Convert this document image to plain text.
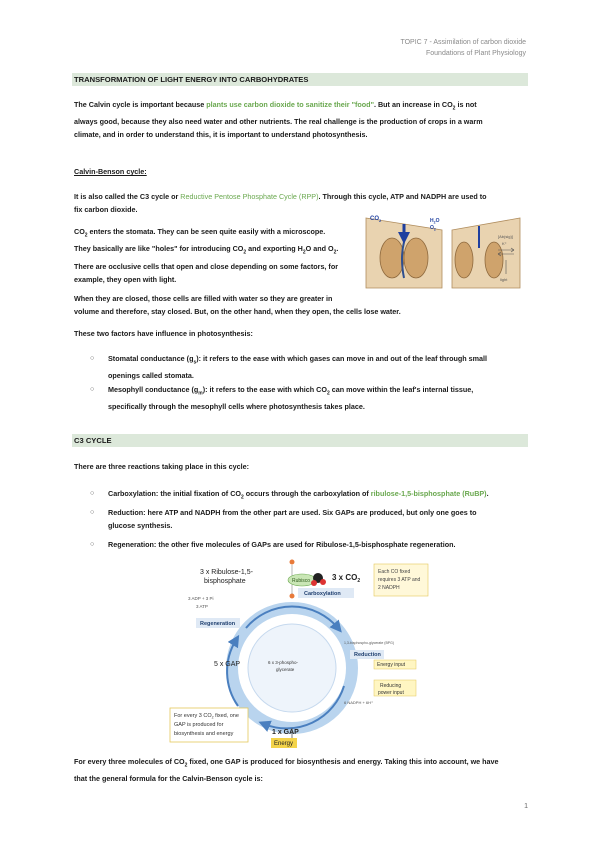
TOPIC 7 - Assimilation of carbon dioxide
Foundations of Plant Physiology
TRANSFORMATION OF LIGHT ENERGY INTO CARBOHYDRATES
The Calvin cycle is important because plants use carbon dioxide to sanitize their "food". But an increase in $CO_2$ is not
always good, because they also need water and other nutrients. The real challenge is the production of crops in a warm
climate, and in order to understand this, it is important to understand photosynthesis.
Calvin-Benson cycle:
It is also called the C3 cycle or Reductive Pentose Phosphate Cycle (RPP). Through this cycle, ATP and NADPH are used to
fix carbon dioxide.
$CO_2$ enters the stomata. They can be seen quite easily with a microscope.
They basically are like "holes" for introducing $CO_2$ and exporting $H_2O$ and $O_2$.
There are occlusive cells that open and close depending on some factors, for
example, they open with light.
$CO_2$	$H_2O$
$O_2$
[Ab(sig)]
K⁺
light
When they are closed, those cells are filled with water so they are greater in
volume and therefore, stay closed. But, on the other hand, when they open, the cells lose water.
These two factors have influence in photosynthesis:
○ Stomatal conductance $(g_s)$: it refers to the ease with which gases can move in and out of the leaf through small
openings called stomata.
○ Mesophyll conductance $(g_m)$: it refers to the ease with which $CO_2$ can move within the leaf's internal tissue,
specifically through the mesophyll cells where photosynthesis takes place.
C3 CYCLE
There are three reactions taking place in this cycle:
○ Carboxylation: the initial fixation of $CO_2$ occurs through the carboxylation of ribulose-1,5-bisphosphate (RuBP).
○ Reduction: here ATP and NADPH from the other part are used. Six GAPs are produced, but only one goes to
glucose synthesis.
○ Regeneration: the other five molecules of GAPs are used for Ribulose-1,5-bisphosphate regeneration.
3 x Ribulose-1,5-
bisphosphate	Rubisco	3 x $CO_2$
Carboxylation
Each CO fixed
requires 3 ATP and
2 NADPH
3 ADP + 3 Pi
3 ATP
Regeneration
5 x GAP	6 x 3-phospho-
glycerate
1,3-bisphospho-glycerate (BPG)
Reduction
Energy input
Reducing
power input
6 NADPH + 6H⁺
1 x GAP
Energy
For every 3 $CO_2$ fixed, one
GAP is produced for
biosynthesis and energy
For every three molecules of $CO_2$ fixed, one GAP is produced for biosynthesis and energy. Taking this into account, we have
that the general formula for the Calvin-Benson cycle is:
1
